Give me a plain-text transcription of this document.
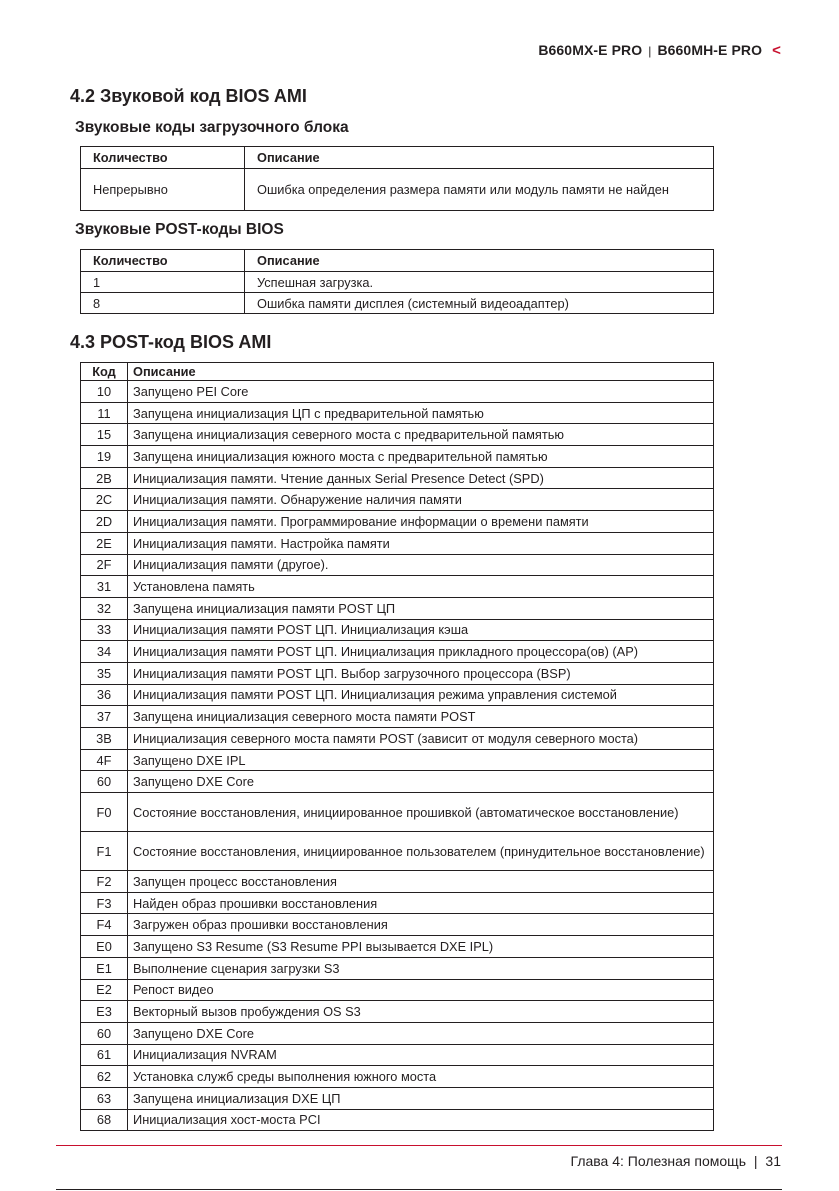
B660MX-E PRO | B660MH-E PRO <
4.2 Звуковой код BIOS AMI
Звуковые коды загрузочного блока
Количество	Описание
Непрерывно	Ошибка определения размера памяти или модуль памяти не найден
Звуковые POST-коды BIOS
Количество	Описание
1	Успешная загрузка.
8	Ошибка памяти дисплея (системный видеоадаптер)
4.3 POST-код BIOS AMI
Код	Описание
10	Запущено PEI Core
11	Запущена инициализация ЦП с предварительной памятью
15	Запущена инициализация северного моста с предварительной памятью
19	Запущена инициализация южного моста с предварительной памятью
2B	Инициализация памяти. Чтение данных Serial Presence Detect (SPD)
2C	Инициализация памяти. Обнаружение наличия памяти
2D	Инициализация памяти. Программирование информации о времени памяти
2E	Инициализация памяти. Настройка памяти
2F	Инициализация памяти (другое).
31	Установлена память
32	Запущена инициализация памяти POST ЦП
33	Инициализация памяти POST ЦП. Инициализация кэша
34	Инициализация памяти POST ЦП. Инициализация прикладного процессора(ов) (AP)
35	Инициализация памяти POST ЦП. Выбор загрузочного процессора (BSP)
36	Инициализация памяти POST ЦП. Инициализация режима управления системой
37	Запущена инициализация северного моста памяти POST
3B	Инициализация северного моста памяти POST (зависит от модуля северного моста)
4F	Запущено DXE IPL
60	Запущено DXE Core
F0	Состояние восстановления, инициированное прошивкой (автоматическое восстановление)
F1	Состояние восстановления, инициированное пользователем (принудительное восстановление)
F2	Запущен процесс восстановления
F3	Найден образ прошивки восстановления
F4	Загружен образ прошивки восстановления
E0	Запущено S3 Resume (S3 Resume PPI вызывается DXE IPL)
E1	Выполнение сценария загрузки S3
E2	Репост видео
E3	Векторный вызов пробуждения OS S3
60	Запущено DXE Core
61	Инициализация NVRAM
62	Установка служб среды выполнения южного моста
63	Запущена инициализация DXE ЦП
68	Инициализация хост-моста PCI
Глава 4: Полезная помощь | 31
